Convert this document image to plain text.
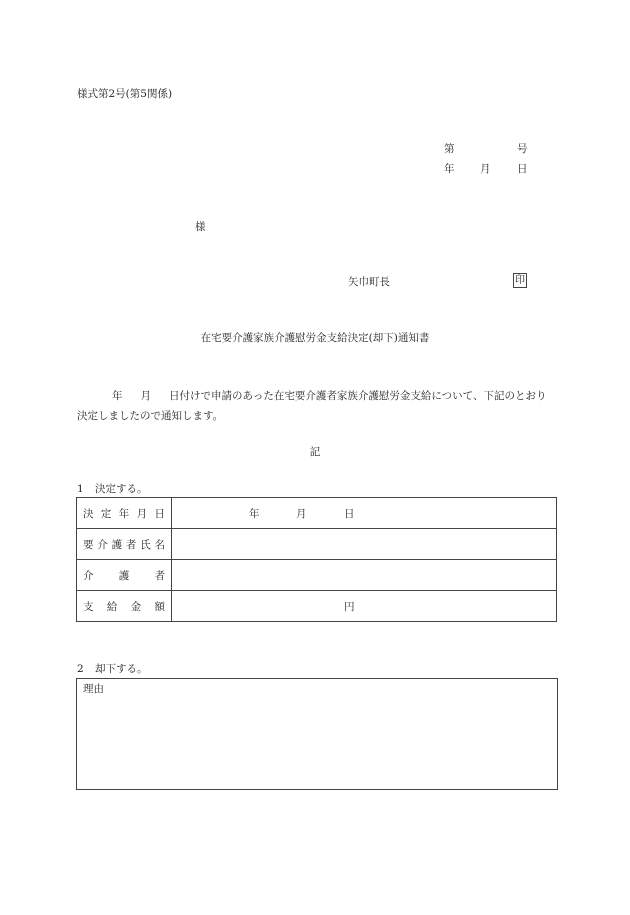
様式第2号(第5関係)
第	号
年 月	日
様
矢巾町長	印
在宅要介護家族介護慰労金支給決定(却下)通知書
年 月 日付けで申請のあった在宅要介護者家族介護慰労金支給について、下記のとおり決定しましたので通知します。
記
1 決定する。
決定年月日	年 月 日

要介護者氏名	
介　護　者	
支給金額	円
2 却下する。
理由
